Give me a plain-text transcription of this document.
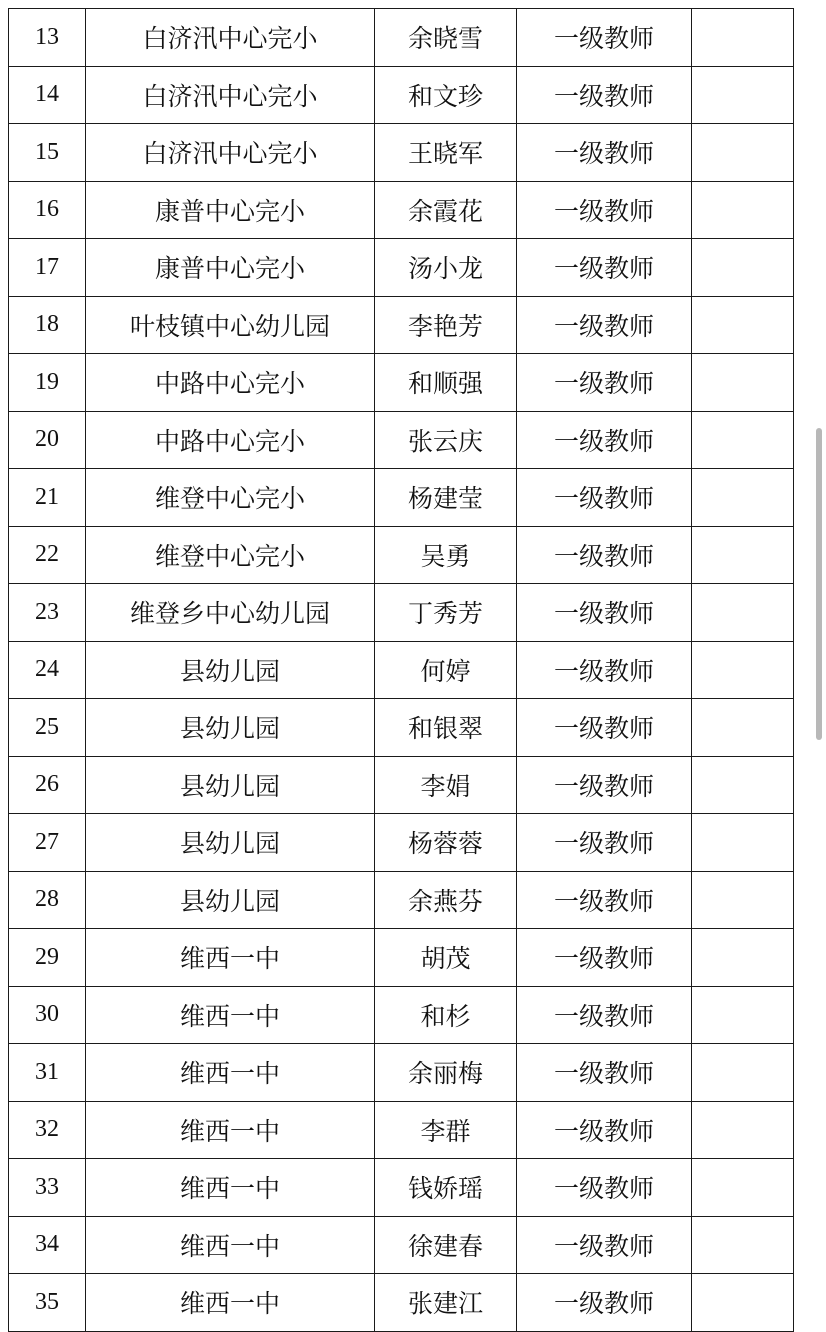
13	白济汛中心完小	余晓雪	一级教师	
14	白济汛中心完小	和文珍	一级教师	
15	白济汛中心完小	王晓军	一级教师	
16	康普中心完小	余霞花	一级教师	
17	康普中心完小	汤小龙	一级教师	
18	叶枝镇中心幼儿园	李艳芳	一级教师	
19	中路中心完小	和顺强	一级教师	
20	中路中心完小	张云庆	一级教师	
21	维登中心完小	杨建莹	一级教师	
22	维登中心完小	吴勇	一级教师	
23	维登乡中心幼儿园	丁秀芳	一级教师	
24	县幼儿园	何婷	一级教师	
25	县幼儿园	和银翠	一级教师	
26	县幼儿园	李娟	一级教师	
27	县幼儿园	杨蓉蓉	一级教师	
28	县幼儿园	余燕芬	一级教师	
29	维西一中	胡茂	一级教师	
30	维西一中	和杉	一级教师	
31	维西一中	余丽梅	一级教师	
32	维西一中	李群	一级教师	
33	维西一中	钱娇瑶	一级教师	
34	维西一中	徐建春	一级教师	
35	维西一中	张建江	一级教师	
